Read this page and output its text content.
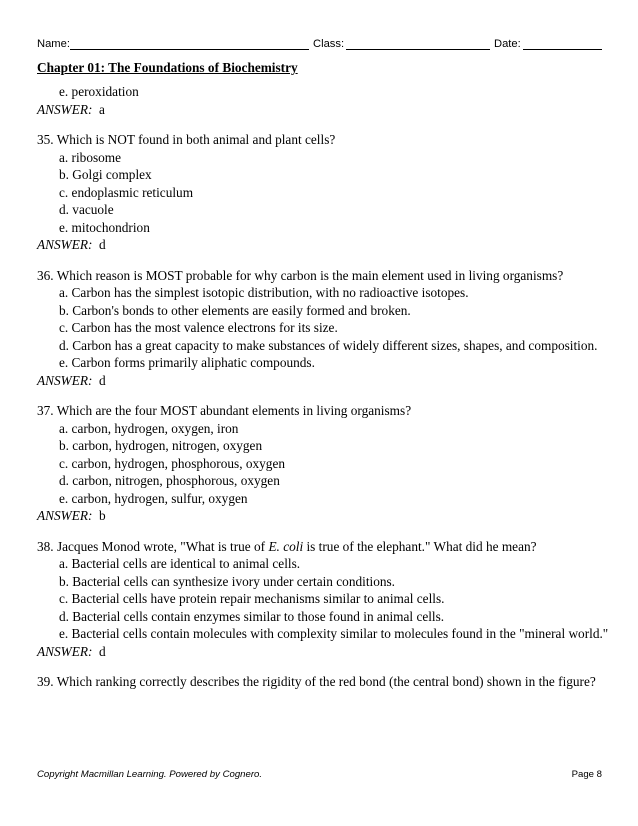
Name:	Class:	Date:
Chapter 01: The Foundations of Biochemistry
e. peroxidation
ANSWER: a
35. Which is NOT found in both animal and plant cells?
a. ribosome
b. Golgi complex
c. endoplasmic reticulum
d. vacuole
e. mitochondrion
ANSWER: d
36. Which reason is MOST probable for why carbon is the main element used in living organisms?
a. Carbon has the simplest isotopic distribution, with no radioactive isotopes.
b. Carbon's bonds to other elements are easily formed and broken.
c. Carbon has the most valence electrons for its size.
d. Carbon has a great capacity to make substances of widely different sizes, shapes, and composition.
e. Carbon forms primarily aliphatic compounds.
ANSWER: d
37. Which are the four MOST abundant elements in living organisms?
a. carbon, hydrogen, oxygen, iron
b. carbon, hydrogen, nitrogen, oxygen
c. carbon, hydrogen, phosphorous, oxygen
d. carbon, nitrogen, phosphorous, oxygen
e. carbon, hydrogen, sulfur, oxygen
ANSWER: b
38. Jacques Monod wrote, "What is true of E. coli is true of the elephant." What did he mean?
a. Bacterial cells are identical to animal cells.
b. Bacterial cells can synthesize ivory under certain conditions.
c. Bacterial cells have protein repair mechanisms similar to animal cells.
d. Bacterial cells contain enzymes similar to those found in animal cells.
e. Bacterial cells contain molecules with complexity similar to molecules found in the "mineral world."
ANSWER: d
39. Which ranking correctly describes the rigidity of the red bond (the central bond) shown in the figure?
Copyright Macmillan Learning. Powered by Cognero.	Page 8
